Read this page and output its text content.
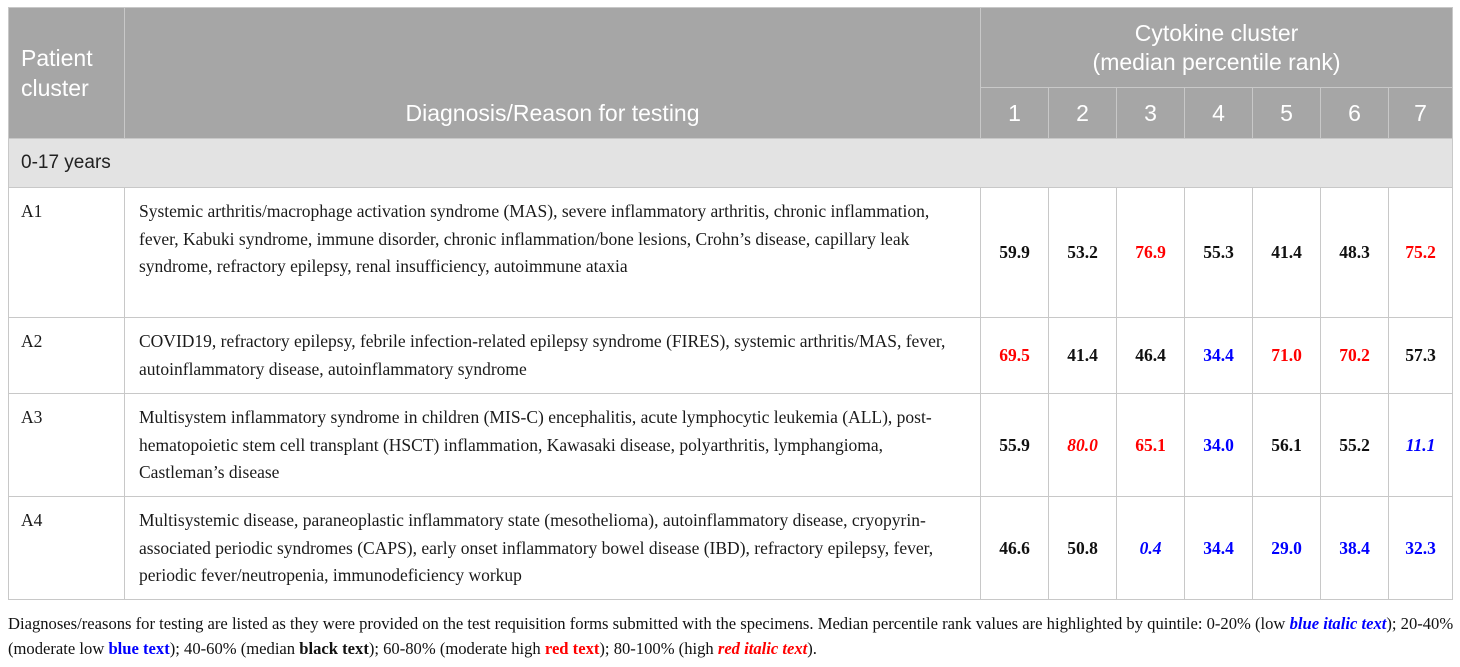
Patient cluster	Diagnosis/Reason for testing	Cytokine cluster
(median percentile rank)						

		1	2	3	4	5	6	7
0-17 years								
A1	Systemic arthritis/macrophage activation syndrome (MAS), severe inflammatory arthritis, chronic inflammation, fever, Kabuki syndrome, immune disorder, chronic inflammation/bone lesions, Crohn’s disease, capillary leak syndrome, refractory epilepsy, renal insufficiency, autoimmune ataxia	59.9	53.2	76.9	55.3	41.4	48.3	75.2
A2	COVID19, refractory epilepsy, febrile infection-related epilepsy syndrome (FIRES), systemic arthritis/MAS, fever, autoinflammatory disease, autoinflammatory syndrome	69.5	41.4	46.4	34.4	71.0	70.2	57.3
A3	Multisystem inflammatory syndrome in children (MIS-C) encephalitis, acute lymphocytic leukemia (ALL), post-hematopoietic stem cell transplant (HSCT) inflammation, Kawasaki disease, polyarthritis, lymphangioma, Castleman’s disease	55.9	80.0	65.1	34.0	56.1	55.2	11.1
A4	Multisystemic disease, paraneoplastic inflammatory state (mesothelioma), autoinflammatory disease, cryopyrin-associated periodic syndromes (CAPS), early onset inflammatory bowel disease (IBD), refractory epilepsy, fever, periodic fever/neutropenia, immunodeficiency workup	46.6	50.8	0.4	34.4	29.0	38.4	32.3
Diagnoses/reasons for testing are listed as they were provided on the test requisition forms submitted with the specimens. Median percentile rank values are highlighted by quintile: 0-20% (low blue italic text); 20-40% (moderate low blue text); 40-60% (median black text); 60-80% (moderate high red text); 80-100% (high red italic text).
